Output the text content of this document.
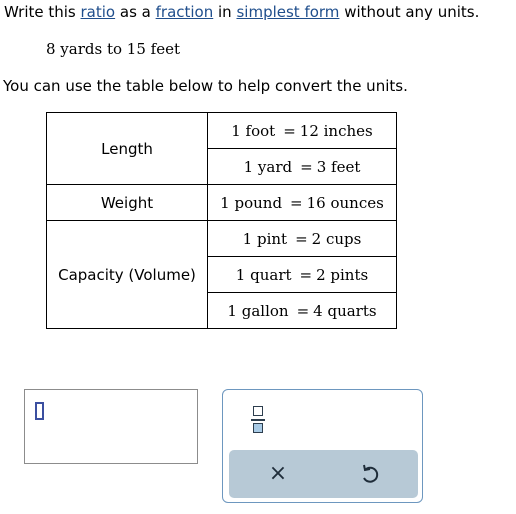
Write this ratio as a fraction in simplest form without any units.
8 yards to 15 feet
You can use the table below to help convert the units.
Length	1 foot = 12 inches
	1 yard = 3 feet
Weight	1 pound = 16 ounces
Capacity (Volume)	1 pint = 2 cups
	1 quart = 2 pints
	1 gallon = 4 quarts
×
